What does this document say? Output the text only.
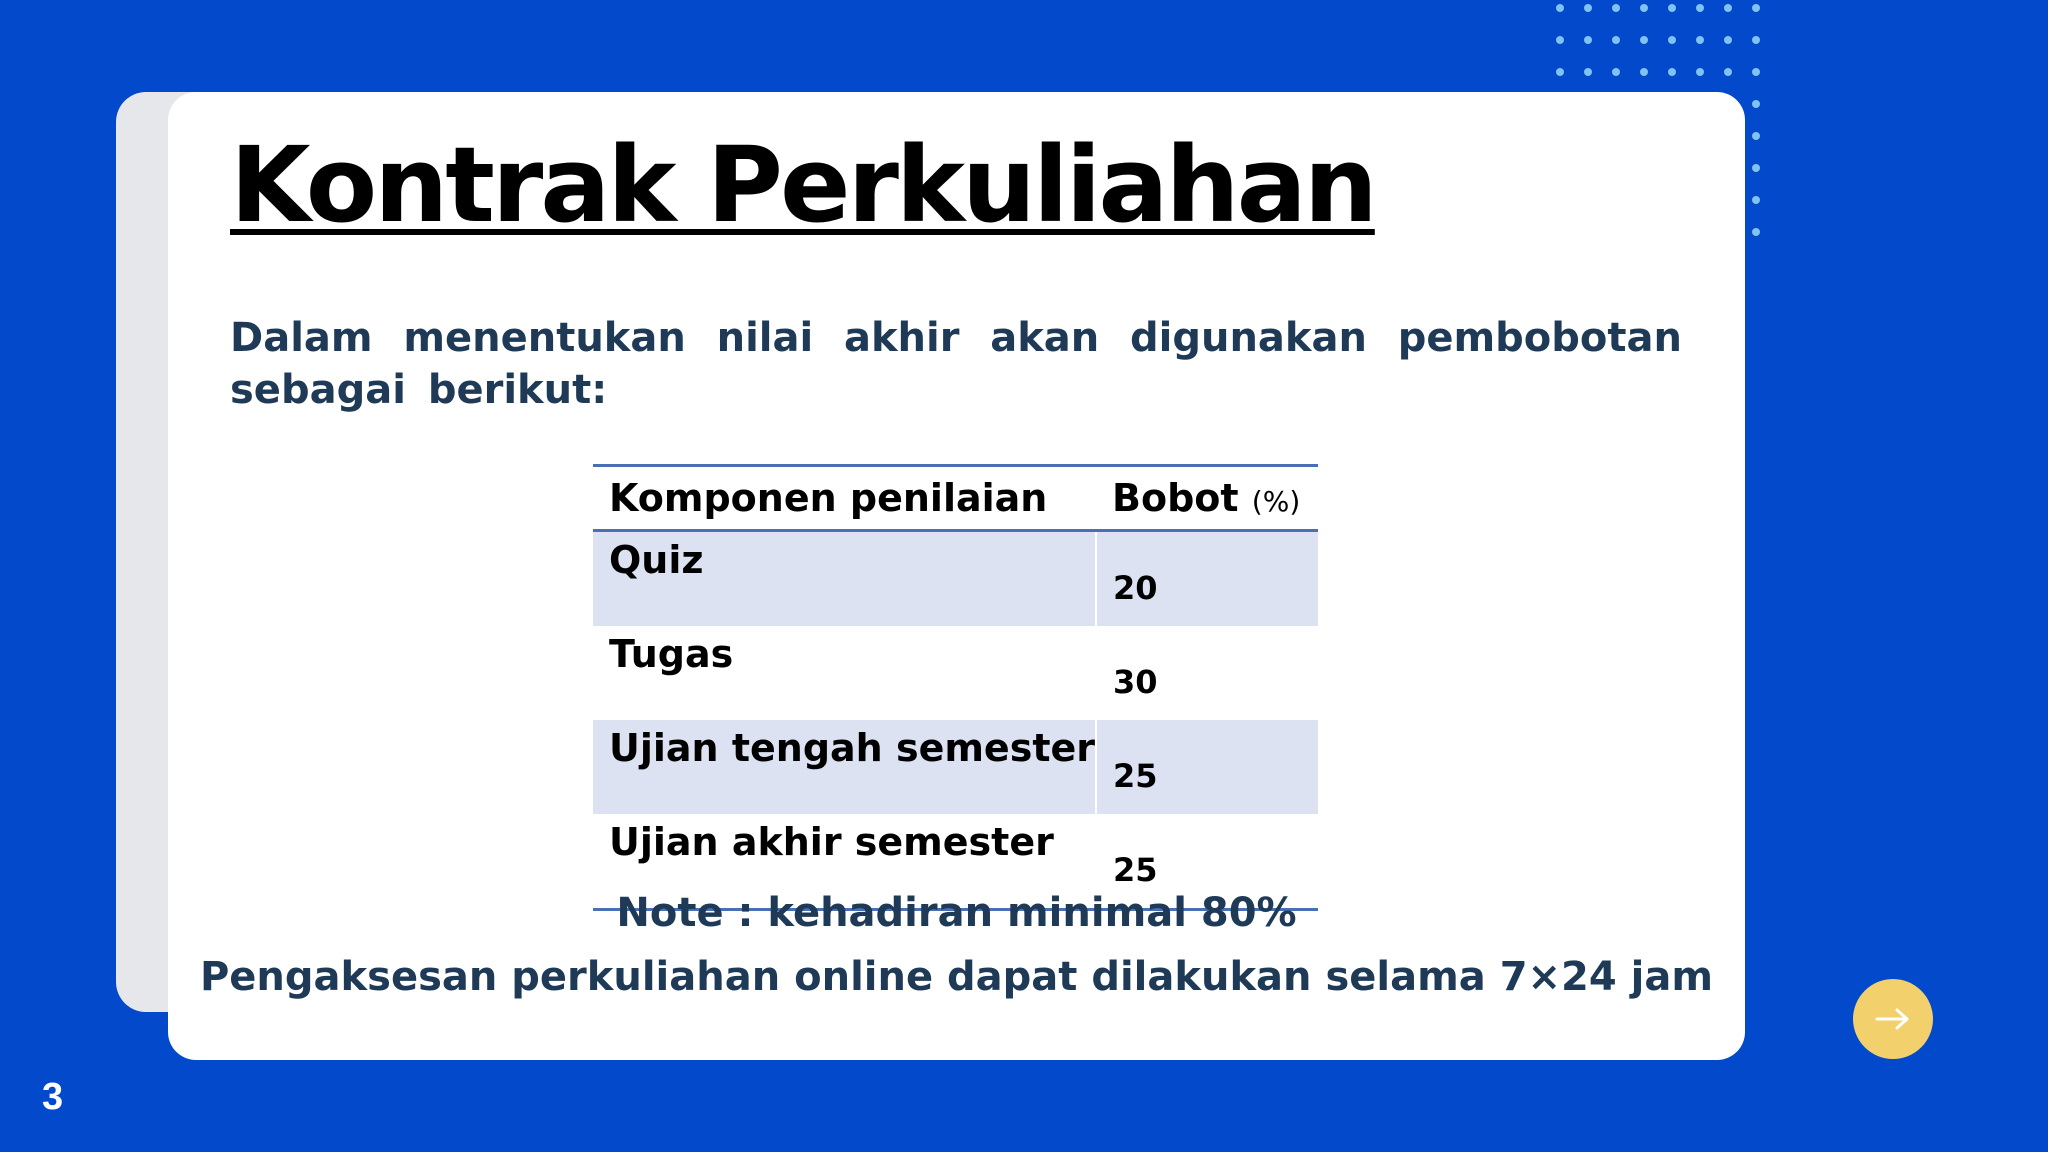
Kontrak Perkuliahan

Dalam menentukan nilai akhir akan digunakan pembobotan sebagai berikut:

Komponen penilaian	Bobot (%)
Quiz	20
Tugas	30
Ujian tengah semester	25
Ujian akhir semester	25

Note : kehadiran minimal 80%

Pengaksesan perkuliahan online dapat dilakukan selama 7×24 jam

3
